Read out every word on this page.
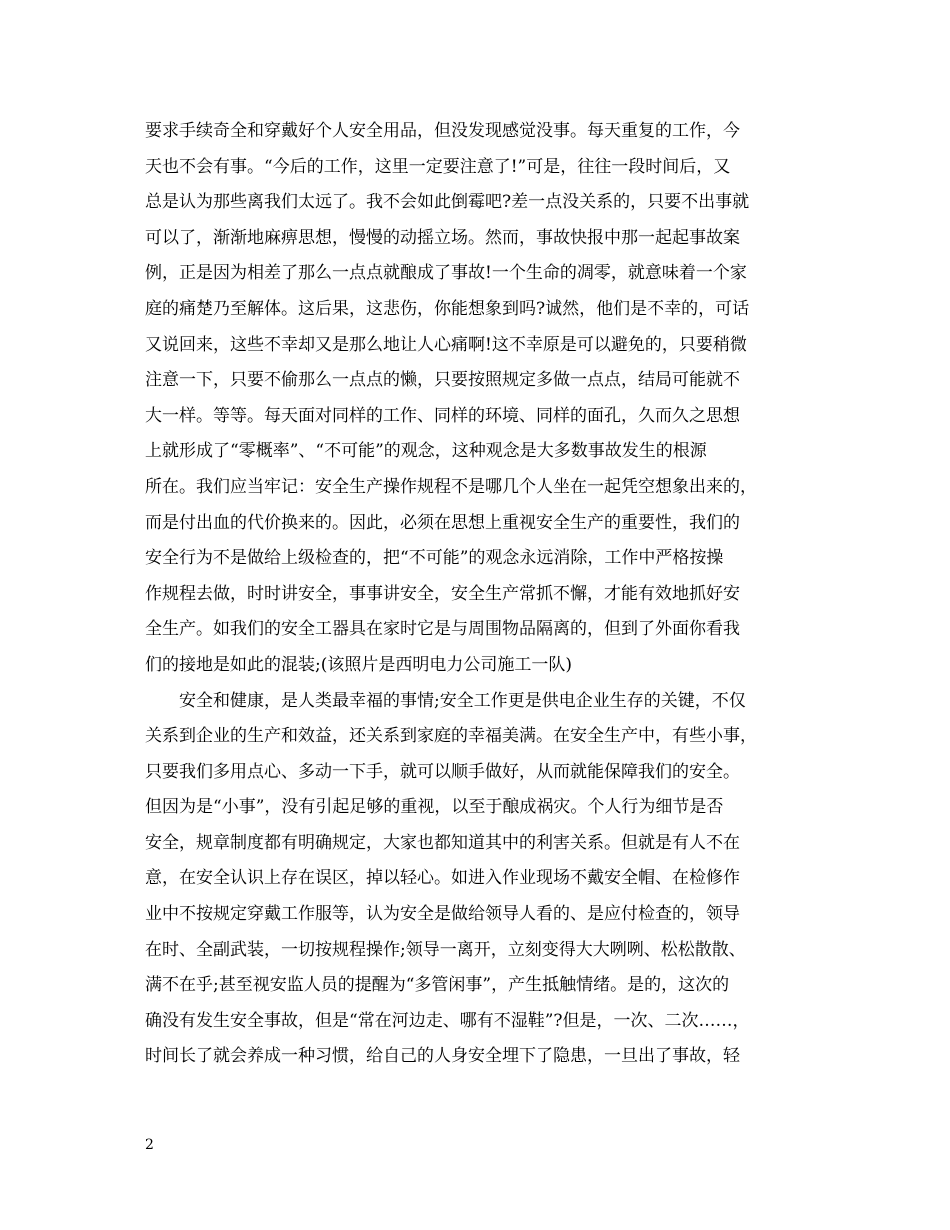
要求手续奇全和穿戴好个人安全用品，但没发现感觉没事。每天重复的工作，今
天也不会有事。“今后的工作，这里一定要注意了!”可是，往往一段时间后，又
总是认为那些离我们太远了。我不会如此倒霉吧?差一点没关系的，只要不出事就
可以了，渐渐地麻痹思想，慢慢的动摇立场。然而，事故快报中那一起起事故案
例，正是因为相差了那么一点点就酿成了事故!一个生命的凋零，就意味着一个家
庭的痛楚乃至解体。这后果，这悲伤，你能想象到吗?诚然，他们是不幸的，可话
又说回来，这些不幸却又是那么地让人心痛啊!这不幸原是可以避免的，只要稍微
注意一下，只要不偷那么一点点的懒，只要按照规定多做一点点，结局可能就不
大一样。等等。每天面对同样的工作、同样的环境、同样的面孔，久而久之思想
上就形成了“零概率”、“不可能”的观念，这种观念是大多数事故发生的根源
所在。我们应当牢记：安全生产操作规程不是哪几个人坐在一起凭空想象出来的，
而是付出血的代价换来的。因此，必须在思想上重视安全生产的重要性，我们的
安全行为不是做给上级检查的，把“不可能”的观念永远消除，工作中严格按操
作规程去做，时时讲安全，事事讲安全，安全生产常抓不懈，才能有效地抓好安
全生产。如我们的安全工器具在家时它是与周围物品隔离的，但到了外面你看我
们的接地是如此的混装;(该照片是西明电力公司施工一队)
　　安全和健康，是人类最幸福的事情;安全工作更是供电企业生存的关键，不仅
关系到企业的生产和效益，还关系到家庭的幸福美满。在安全生产中，有些小事，
只要我们多用点心、多动一下手，就可以顺手做好，从而就能保障我们的安全。
但因为是“小事”，没有引起足够的重视，以至于酿成祸灾。个人行为细节是否
安全，规章制度都有明确规定，大家也都知道其中的利害关系。但就是有人不在
意，在安全认识上存在误区，掉以轻心。如进入作业现场不戴安全帽、在检修作
业中不按规定穿戴工作服等，认为安全是做给领导人看的、是应付检查的，领导
在时、全副武装，一切按规程操作;领导一离开，立刻变得大大咧咧、松松散散、
满不在乎;甚至视安监人员的提醒为“多管闲事”，产生抵触情绪。是的，这次的
确没有发生安全事故，但是“常在河边走、哪有不湿鞋”?但是，一次、二次……，
时间长了就会养成一种习惯，给自己的人身安全埋下了隐患，一旦出了事故，轻
2
